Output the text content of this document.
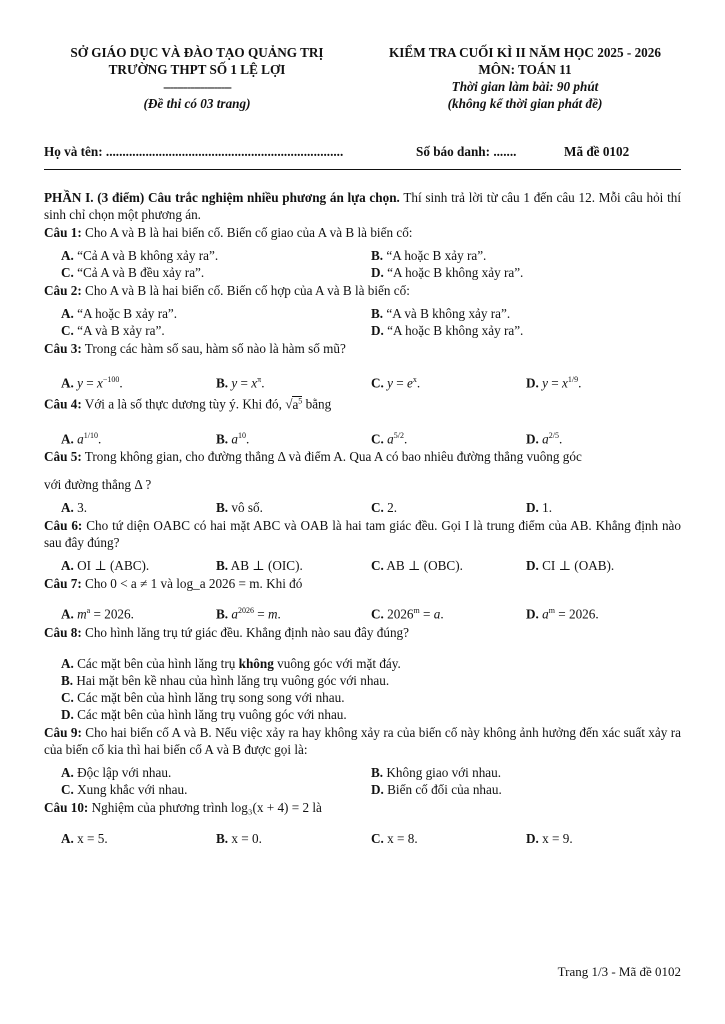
SỞ GIÁO DỤC VÀ ĐÀO TẠO QUẢNG TRỊ
TRƯỜNG THPT SỐ 1 LỆ LỢI
--------------------
(Đề thi có 03 trang)
KIỂM TRA CUỐI KÌ II NĂM HỌC 2025 - 2026
MÔN: TOÁN 11
Thời gian làm bài: 90 phút
(không kể thời gian phát đề)
Họ và tên: ........................................................................	Số báo danh: .......	Mã đề 0102
PHẦN I. (3 điểm) Câu trắc nghiệm nhiều phương án lựa chọn. Thí sinh trả lời từ câu 1 đến câu 12. Mỗi câu hỏi thí sinh chỉ chọn một phương án.
Câu 1: Cho A và B là hai biến cố. Biến cố giao của A và B là biến cố:
A. “Cả A và B không xảy ra”.	B. “A hoặc B xảy ra”.
C. “Cả A và B đều xảy ra”.	D. “A hoặc B không xảy ra”.
Câu 2: Cho A và B là hai biến cố. Biến cố hợp của A và B là biến cố:
A. “A hoặc B xảy ra”.	B. “A và B không xảy ra”.
C. “A và B xảy ra”.	D. “A hoặc B không xảy ra”.
Câu 3: Trong các hàm số sau, hàm số nào là hàm số mũ?
A. $y = x^{-100}$.	B. $y = x^\pi$.	C. $y = e^x$.	D. $y = x^{1/9}$.
Câu 4: Với a là số thực dương tùy ý. Khi đó, $√a^5$ bằng
A. $a^{1/10}$.	B. $a^{10}$.	C. $a^{5/2}$.	D. $a^{2/5}$.
Câu 5: Trong không gian, cho đường thẳng Δ và điểm A. Qua A có bao nhiêu đường thẳng vuông góc
với đường thẳng Δ ?
A. 3.	B. vô số.	C. 2.	D. 1.
Câu 6: Cho tứ diện OABC có hai mặt ABC và OAB là hai tam giác đều. Gọi I là trung điểm của AB. Khẳng định nào sau đây đúng?
A. OI ⊥ (ABC).	B. AB ⊥ (OIC).	C. AB ⊥ (OBC).	D. CI ⊥ (OAB).
Câu 7: Cho 0 < a ≠ 1 và log_a 2026 = m. Khi đó
A. $m^a = 2026$.	B. $a^{2026} = m$.	C. $2026^m = a$.	D. $a^m = 2026$.
Câu 8: Cho hình lăng trụ tứ giác đều. Khẳng định nào sau đây đúng?
A. Các mặt bên của hình lăng trụ không vuông góc với mặt đáy.
B. Hai mặt bên kề nhau của hình lăng trụ vuông góc với nhau.
C. Các mặt bên của hình lăng trụ song song với nhau.
D. Các mặt bên của hình lăng trụ vuông góc với nhau.
Câu 9: Cho hai biến cố A và B. Nếu việc xảy ra hay không xảy ra của biến cố này không ảnh hưởng đến xác suất xảy ra của biến cố kia thì hai biến cố A và B được gọi là:
A. Độc lập với nhau.	B. Không giao với nhau.
C. Xung khắc với nhau.	D. Biến cố đối của nhau.
Câu 10: Nghiệm của phương trình log₃(x + 4) = 2 là
A. x = 5.	B. x = 0.	C. x = 8.	D. x = 9.
Trang 1/3 - Mã đề 0102
